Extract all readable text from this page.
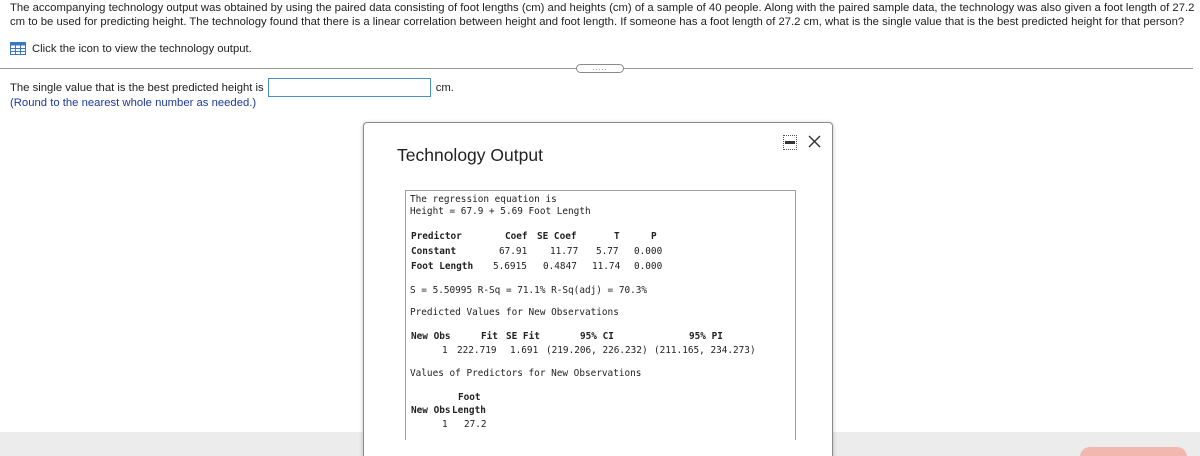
The accompanying technology output was obtained by using the paired data consisting of foot lengths (cm) and heights (cm) of a sample of 40 people. Along with the paired sample data, the technology was also given a foot length of 27.2 cm to be used for predicting height. The technology found that there is a linear correlation between height and foot length. If someone has a foot length of 27.2 cm, what is the single value that is the best predicted height for that person?
Click the icon to view the technology output.
.....
The single value that is the best predicted height is	cm.
(Round to the nearest whole number as needed.)
Technology Output
The regression equation is
Height = 67.9 + 5.69 Foot Length
Predictor	Coef SE Coef	T	P
Constant	67.91 11.77 5.77 0.000
Foot Length 5.6915 0.4847 11.74 0.000
S = 5.50995 R-Sq = 71.1% R-Sq(adj) = 70.3%
Predicted Values for New Observations
New Obs	Fit SE Fit	95% CI	95% PI
1 222.719 1.691 (219.206, 226.232) (211.165, 234.273)
Values of Predictors for New Observations
Foot
New Obs Length
1 27.2
